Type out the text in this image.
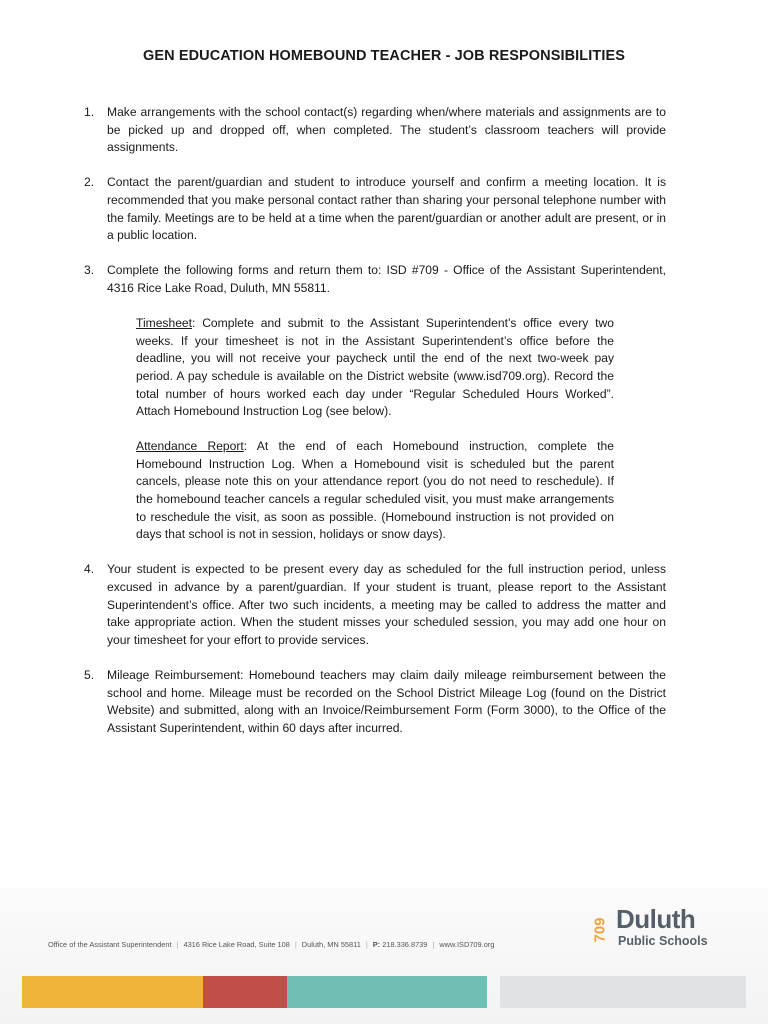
GEN EDUCATION HOMEBOUND TEACHER - JOB RESPONSIBILITIES
1.	Make arrangements with the school contact(s) regarding when/where materials and assignments are to be picked up and dropped off, when completed. The student’s classroom teachers will provide assignments.
2.	Contact the parent/guardian and student to introduce yourself and confirm a meeting location. It is recommended that you make personal contact rather than sharing your personal telephone number with the family. Meetings are to be held at a time when the parent/guardian or another adult are present, or in a public location.
3.	Complete the following forms and return them to: ISD #709 - Office of the Assistant Superintendent, 4316 Rice Lake Road, Duluth, MN 55811.
Timesheet: Complete and submit to the Assistant Superintendent’s office every two weeks. If your timesheet is not in the Assistant Superintendent’s office before the deadline, you will not receive your paycheck until the end of the next two-week pay period. A pay schedule is available on the District website (www.isd709.org). Record the total number of hours worked each day under “Regular Scheduled Hours Worked”. Attach Homebound Instruction Log (see below).
Attendance Report: At the end of each Homebound instruction, complete the Homebound Instruction Log. When a Homebound visit is scheduled but the parent cancels, please note this on your attendance report (you do not need to reschedule). If the homebound teacher cancels a regular scheduled visit, you must make arrangements to reschedule the visit, as soon as possible. (Homebound instruction is not provided on days that school is not in session, holidays or snow days).
4.	Your student is expected to be present every day as scheduled for the full instruction period, unless excused in advance by a parent/guardian. If your student is truant, please report to the Assistant Superintendent’s office. After two such incidents, a meeting may be called to address the matter and take appropriate action. When the student misses your scheduled session, you may add one hour on your timesheet for your effort to provide services.
5.	Mileage Reimbursement: Homebound teachers may claim daily mileage reimbursement between the school and home. Mileage must be recorded on the School District Mileage Log (found on the District Website) and submitted, along with an Invoice/Reimbursement Form (Form 3000), to the Office of the Assistant Superintendent, within 60 days after incurred.
Office of the Assistant Superintendent | 4316 Rice Lake Road, Suite 108 | Duluth, MN 55811 | P: 218.336.8739 | www.ISD709.org
709 Duluth
Public Schools
